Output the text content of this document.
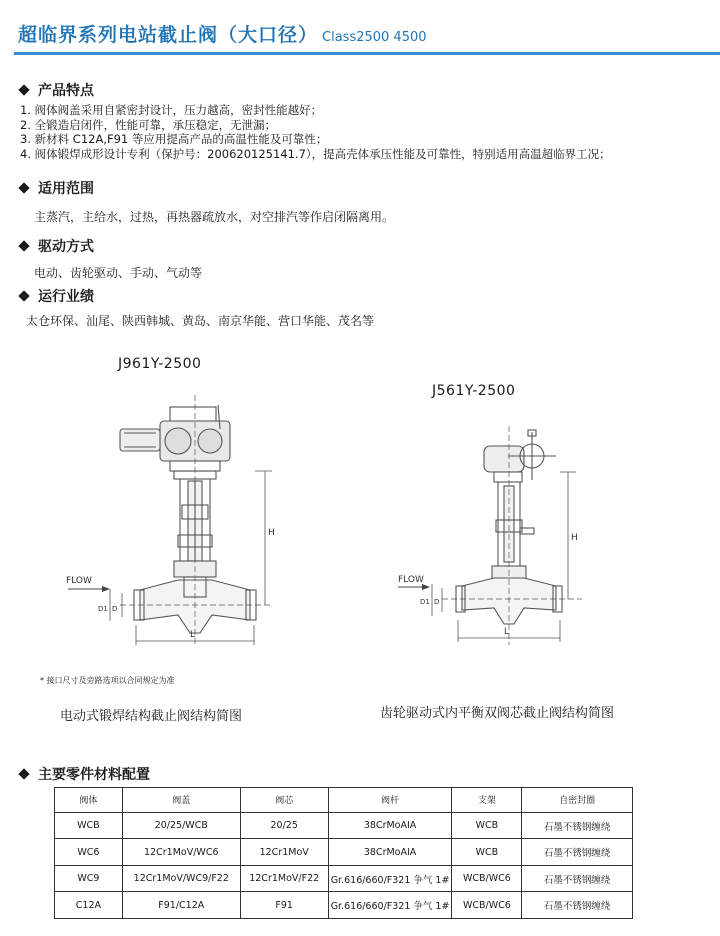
超临界系列电站截止阀（大口径） Class2500 4500
产品特点
1. 阀体阀盖采用自紧密封设计，压力越高，密封性能越好；
2. 全锻造启闭件，性能可靠，承压稳定，无泄漏；
3. 新材料 C12A,F91 等应用提高产品的高温性能及可靠性；
4. 阀体锻焊成形设计专利（保护号：200620125141.7），提高壳体承压性能及可靠性，特别适用高温超临界工况；
适用范围
主蒸汽，主给水，过热，再热器疏放水，对空排汽等作启闭隔离用。
驱动方式
电动、齿轮驱动、手动、气动等
运行业绩
太仓环保、汕尾、陕西韩城、黄岛、南京华能、营口华能、茂名等
J961Y-2500
FLOW
H
L
D
D1
J561Y-2500
FLOW
H
L
D
D1
* 接口尺寸及旁路选项以合同规定为准
电动式锻焊结构截止阀结构简图	齿轮驱动式内平衡双阀芯截止阀结构简图
主要零件材料配置
阀体	阀盖	阀芯	阀杆	支架	自密封圈
WCB	20/25/WCB	20/25	38CrMoAIA	WCB	石墨不锈钢缠绕
WC6	12Cr1MoV/WC6	12Cr1MoV	38CrMoAIA	WCB	石墨不锈钢缠绕
WC9	12Cr1MoV/WC9/F22	12Cr1MoV/F22	Gr.616/660/F321 争气 1#	WCB/WC6	石墨不锈钢缠绕
C12A	F91/C12A	F91	Gr.616/660/F321 争气 1#	WCB/WC6	石墨不锈钢缠绕
